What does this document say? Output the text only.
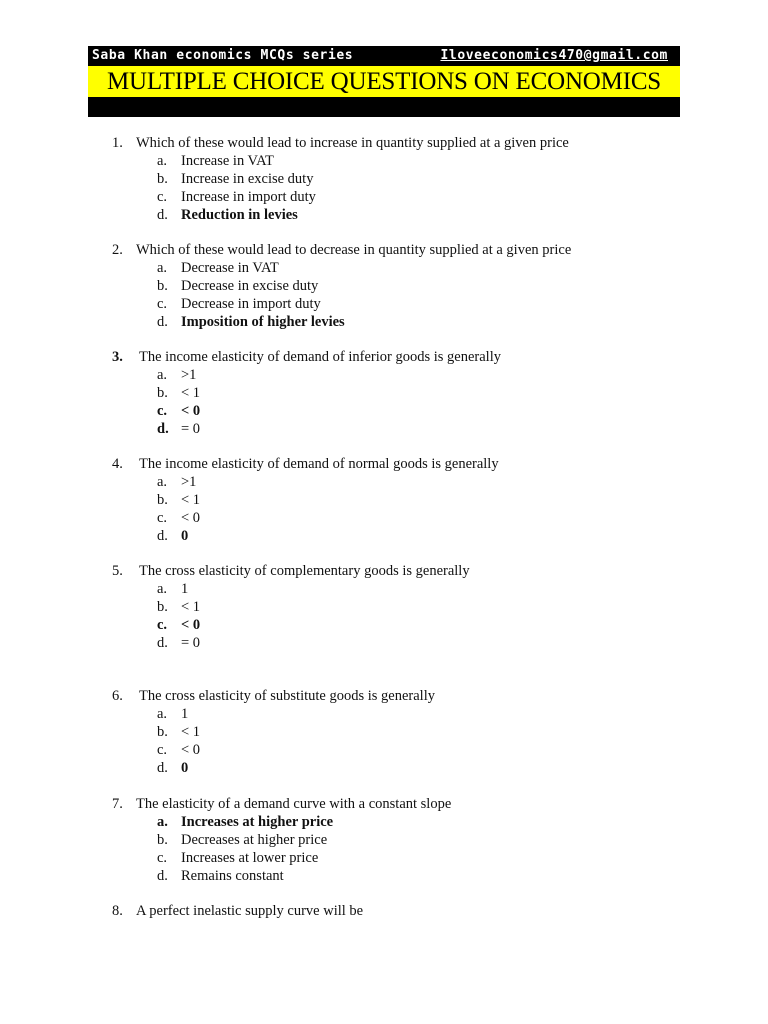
Saba Khan economics MCQs series	Iloveeconomics470@gmail.com
MULTIPLE CHOICE QUESTIONS ON ECONOMICS
1. Which of these would lead to increase in quantity supplied at a given price
a. Increase in VAT
b. Increase in excise duty
c. Increase in import duty
d. Reduction in levies
2. Which of these would lead to decrease in quantity supplied at a given price
a. Decrease in VAT
b. Decrease in excise duty
c. Decrease in import duty
d. Imposition of higher levies
3. The income elasticity of demand of inferior goods is generally
a. >1
b. < 1
c. < 0
d. = 0
4. The income elasticity of demand of normal goods is generally
a. >1
b. < 1
c. < 0
d. 0
5. The cross elasticity of complementary goods is generally
a. 1
b. < 1
c. < 0
d. = 0
6. The cross elasticity of substitute goods is generally
a. 1
b. < 1
c. < 0
d. 0
7. The elasticity of a demand curve with a constant slope
a. Increases at higher price
b. Decreases at higher price
c. Increases at lower price
d. Remains constant
8. A perfect inelastic supply curve will be
